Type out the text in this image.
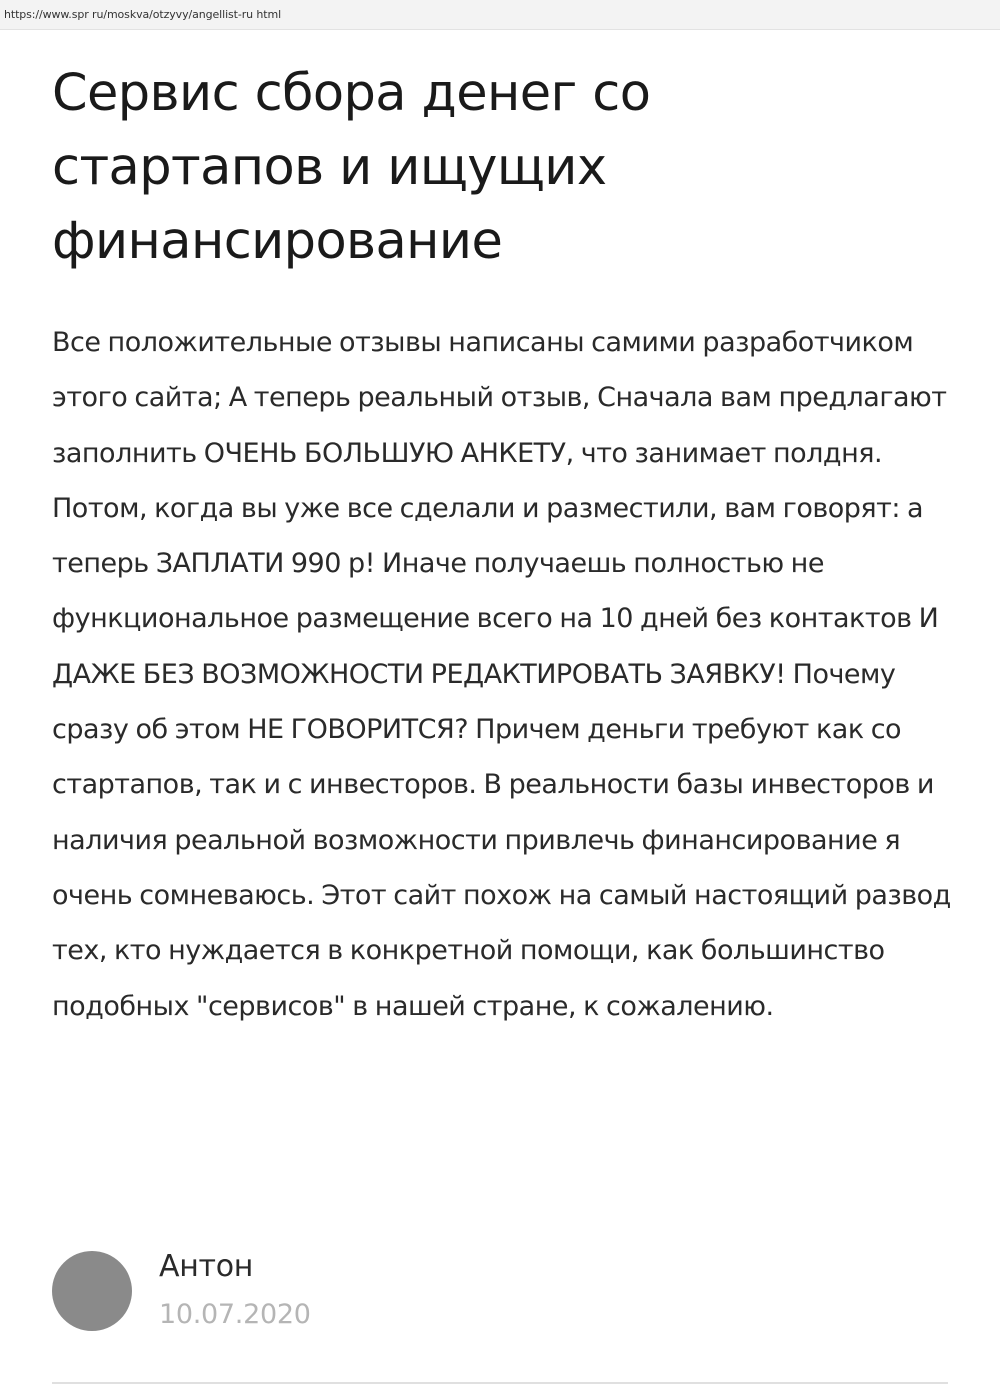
https://www.spr ru/moskva/otzyvy/angellist-ru html
Сервис сбора денег со стартапов и ищущих финансирование

Все положительные отзывы написаны самими разработчиком этого сайта; А теперь реальный отзыв, Сначала вам предлагают заполнить ОЧЕНЬ БОЛЬШУЮ АНКЕТУ, что занимает полдня. Потом, когда вы уже все сделали и разместили, вам говорят: а теперь ЗАПЛАТИ 990 р! Иначе получаешь полностью не функциональное размещение всего на 10 дней без контактов И ДАЖЕ БЕЗ ВОЗМОЖНОСТИ РЕДАКТИРОВАТЬ ЗАЯВКУ! Почему сразу об этом НЕ ГОВОРИТСЯ? Причем деньги требуют как со стартапов, так и с инвесторов. В реальности базы инвесторов и наличия реальной возможности привлечь финансирование я очень сомневаюсь. Этот сайт похож на самый настоящий развод тех, кто нуждается в конкретной помощи, как большинство подобных "сервисов" в нашей стране, к сожалению.

Антон
10.07.2020
